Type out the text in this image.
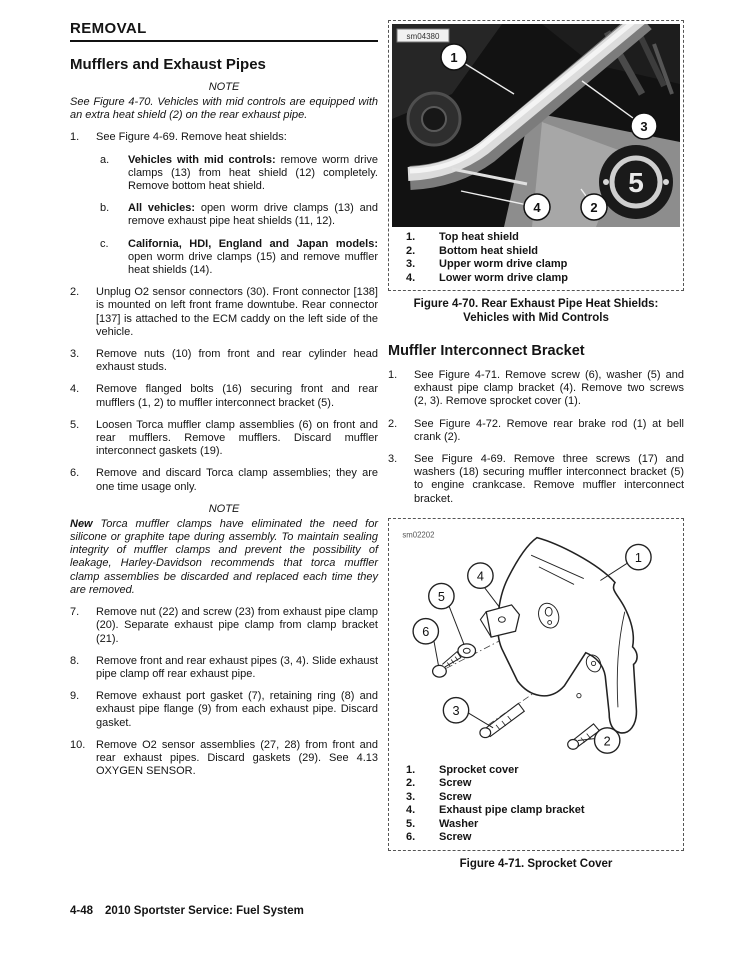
REMOVAL
Mufflers and Exhaust Pipes
NOTE

See Figure 4-70. Vehicles with mid controls are equipped with an extra heat shield (2) on the rear exhaust pipe.

1.	See Figure 4-69. Remove heat shields:
a.	Vehicles with mid controls: remove worm drive clamps (13) from heat shield (12) completely. Remove bottom heat shield.
b.	All vehicles: open worm drive clamps (13) and remove exhaust pipe heat shields (11, 12).
c.	California, HDI, England and Japan models: open worm drive clamps (15) and remove muffler heat shields (14).
2.	Unplug O2 sensor connectors (30). Front connector [138] is mounted on left front frame downtube. Rear connector [137] is attached to the ECM caddy on the left side of the vehicle.
3.	Remove nuts (10) from front and rear cylinder head exhaust studs.
4.	Remove flanged bolts (16) securing front and rear mufflers (1, 2) to muffler interconnect bracket (5).
5.	Loosen Torca muffler clamp assemblies (6) on front and rear mufflers. Remove mufflers. Discard muffler interconnect gaskets (19).
6.	Remove and discard Torca clamp assemblies; they are one time usage only.
NOTE

New Torca muffler clamps have eliminated the need for silicone or graphite tape during assembly. To maintain sealing integrity of muffler clamps and prevent the possibility of leakage, Harley-Davidson recommends that torca muffler clamp assemblies be discarded and replaced each time they are removed.

7.	Remove nut (22) and screw (23) from exhaust pipe clamp (20). Separate exhaust pipe clamp from clamp bracket (21).
8.	Remove front and rear exhaust pipes (3, 4). Slide exhaust pipe clamp off rear exhaust pipe.
9.	Remove exhaust port gasket (7), retaining ring (8) and exhaust pipe flange (9) from each exhaust pipe. Discard gasket.
10. Remove O2 sensor assemblies (27, 28) from front and rear exhaust pipes. Discard gaskets (29). See 4.13 OXYGEN SENSOR.
5
sm04380
1
3
4	2
1.	Top heat shield
2.	Bottom heat shield
3.	Upper worm drive clamp
4.	Lower worm drive clamp
Figure 4-70. Rear Exhaust Pipe Heat Shields: Vehicles with Mid Controls
Muffler Interconnect Bracket
1.	See Figure 4-71. Remove screw (6), washer (5) and exhaust pipe clamp bracket (4). Remove two screws (2, 3). Remove sprocket cover (1).
2.	See Figure 4-72. Remove rear brake rod (1) at bell crank (2).
3.	See Figure 4-69. Remove three screws (17) and washers (18) securing muffler interconnect bracket (5) to engine crankcase. Remove muffler interconnect bracket.
sm02202
1
4
5
6
3
2
1.	Sprocket cover
2.	Screw
3.	Screw
4.	Exhaust pipe clamp bracket
5.	Washer
6.	Screw
Figure 4-71. Sprocket Cover
4-48 2010 Sportster Service: Fuel System
